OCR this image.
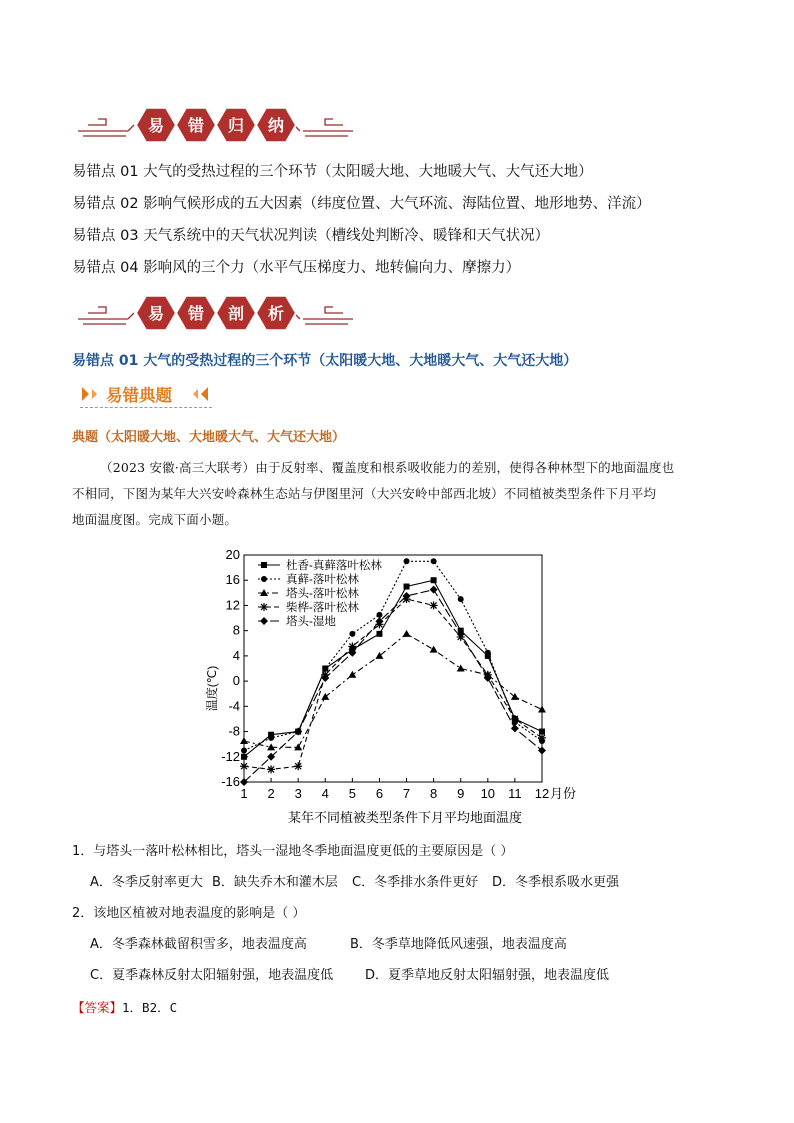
易 错 归 纳
易 错 剖 析
易错点 01 大气的受热过程的三个环节（太阳暖大地、大地暖大气、大气还大地）
易错点 02 影响气候形成的五大因素（纬度位置、大气环流、海陆位置、地形地势、洋流）
易错点 03 天气系统中的天气状况判读（槽线处判断冷、暖锋和天气状况）
易错点 04 影响风的三个力（水平气压梯度力、地转偏向力、摩擦力）
易错点 01 大气的受热过程的三个环节（太阳暖大地、大地暖大气、大气还大地）
易错典题
典题（太阳暖大地、大地暖大气、大气还大地）
（2023 安徽·高三大联考）由于反射率、覆盖度和根系吸收能力的差别，使得各种林型下的地面温度也
不相同，下图为某年大兴安岭森林生态站与伊图里河（大兴安岭中部西北坡）不同植被类型条件下月平均
地面温度图。完成下面小题。
20
16
12
8
4
0
-4
-8
-12
-16
1 2 3 4 5 6 7 8 9 10 11 12 月份
温度(℃)
某年不同植被类型条件下月平均地面温度
杜香-真藓落叶松林
真藓-落叶松林
塔头-落叶松林
柴桦-落叶松林
塔头-湿地
1．与塔头一落叶松林相比，塔头一湿地冬季地面温度更低的主要原因是（ ）
A．冬季反射率更大 B．缺失乔木和灌木层 C．冬季排水条件更好 D．冬季根系吸水更强
2．该地区植被对地表温度的影响是（ ）
A．冬季森林截留积雪多，地表温度高	B．冬季草地降低风速强，地表温度高
C．夏季森林反射太阳辐射强，地表温度低 D．夏季草地反射太阳辐射强，地表温度低
【答案】1．B2．C
